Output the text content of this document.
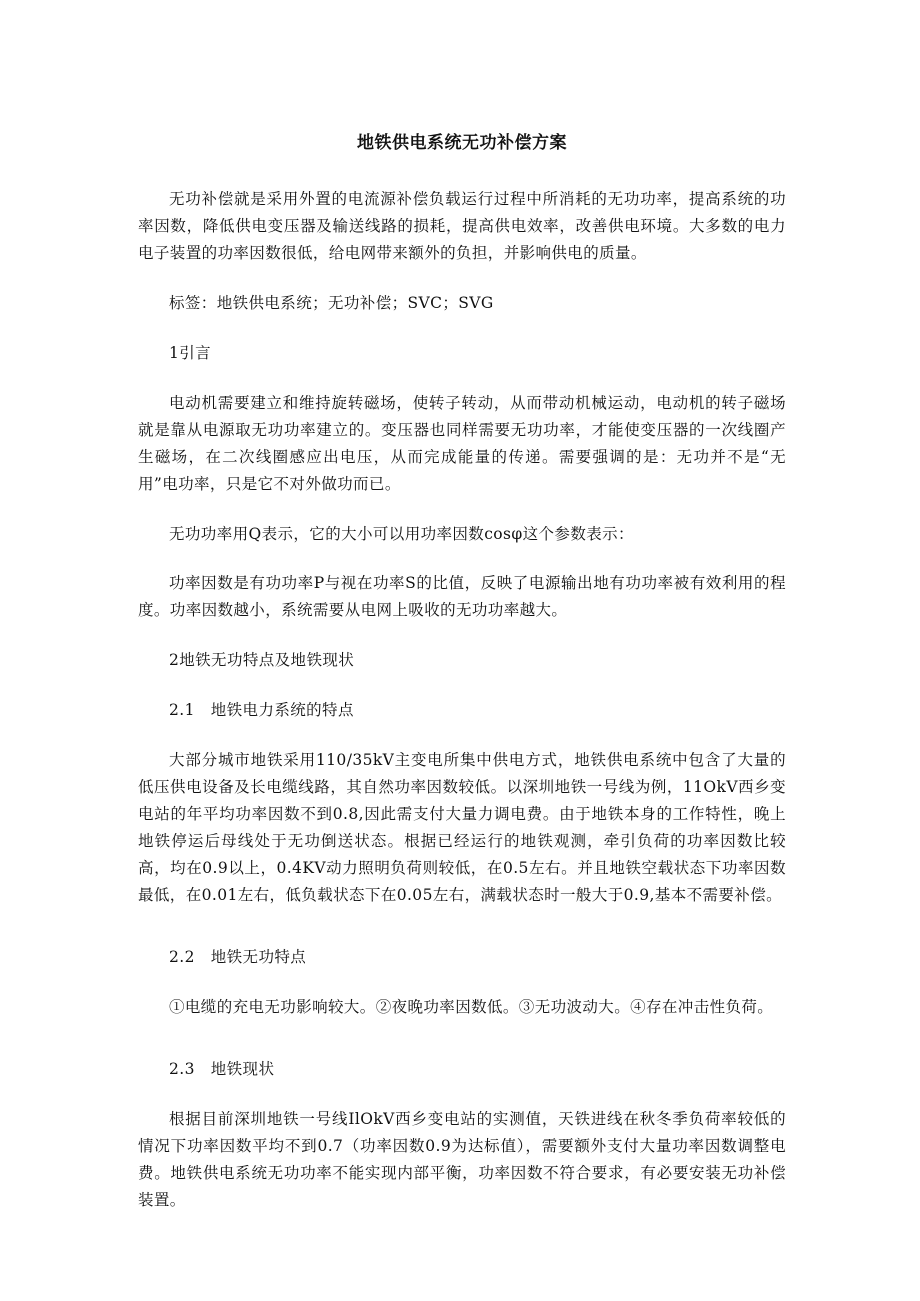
地铁供电系统无功补偿方案

无功补偿就是采用外置的电流源补偿负载运行过程中所消耗的无功功率，提高系统的功率因数，降低供电变压器及输送线路的损耗，提高供电效率，改善供电环境。大多数的电力电子装置的功率因数很低，给电网带来额外的负担，并影响供电的质量。

标签：地铁供电系统；无功补偿；SVC；SVG

1引言

电动机需要建立和维持旋转磁场，使转子转动，从而带动机械运动，电动机的转子磁场就是靠从电源取无功功率建立的。变压器也同样需要无功功率，才能使变压器的一次线圈产生磁场，在二次线圈感应出电压，从而完成能量的传递。需要强调的是：无功并不是“无用”电功率，只是它不对外做功而已。

无功功率用Q表示，它的大小可以用功率因数cosφ这个参数表示：

功率因数是有功功率P与视在功率S的比值，反映了电源输出地有功功率被有效利用的程度。功率因数越小，系统需要从电网上吸收的无功功率越大。

2地铁无功特点及地铁现状

2.1　地铁电力系统的特点

大部分城市地铁采用110/35kV主变电所集中供电方式，地铁供电系统中包含了大量的低压供电设备及长电缆线路，其自然功率因数较低。以深圳地铁一号线为例，11OkV西乡变电站的年平均功率因数不到0.8,因此需支付大量力调电费。由于地铁本身的工作特性，晚上地铁停运后母线处于无功倒送状态。根据已经运行的地铁观测，牵引负荷的功率因数比较高，均在0.9以上，0.4KV动力照明负荷则较低，在0.5左右。并且地铁空载状态下功率因数最低，在0.01左右，低负载状态下在0.05左右，满载状态时一般大于0.9,基本不需要补偿。

2.2　地铁无功特点

①电缆的充电无功影响较大。②夜晚功率因数低。③无功波动大。④存在冲击性负荷。

2.3　地铁现状

根据目前深圳地铁一号线IlOkV西乡变电站的实测值，天铁进线在秋冬季负荷率较低的情况下功率因数平均不到0.7（功率因数0.9为达标值），需要额外支付大量功率因数调整电费。地铁供电系统无功功率不能实现内部平衡，功率因数不符合要求，有必要安装无功补偿装置。
